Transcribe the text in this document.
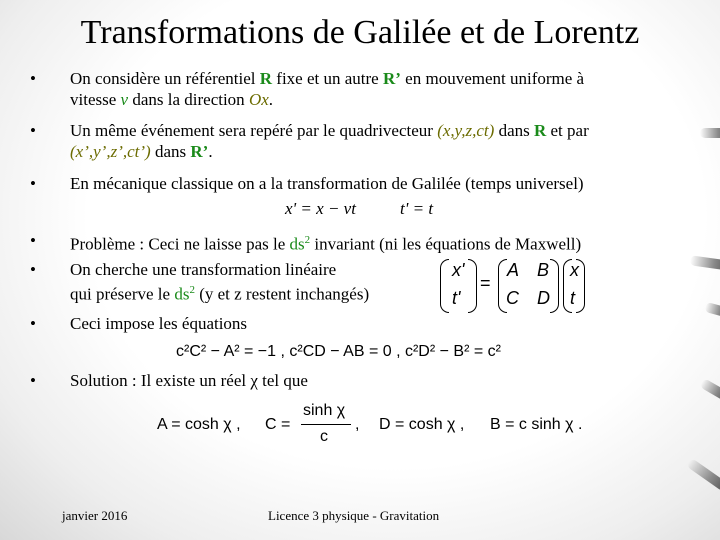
Transformations de Galilée et de Lorentz
• On considère un référentiel R fixe et un autre R’ en mouvement uniforme à
vitesse v dans la direction Ox.
• Un même événement sera repéré par le quadrivecteur (x,y,z,ct) dans R et par
(x’,y’,z’,ct’) dans R’.
• En mécanique classique on a la transformation de Galilée (temps universel)
x' = x − vt	t' = t
• Problème : Ceci ne laisse pas le $ds^2$ invariant (ni les équations de Maxwell)
• On cherche une transformation linéaire
qui préserve le $ds^2$ (y et z restent inchangés)
x'
t'
=
A B
C D
x
t
• Ceci impose les équations
c²C² − A² = −1 , c²CD − AB = 0 , c²D² − B² = c²
• Solution : Il existe un réel χ tel que
A = cosh χ , C =
sinh χ
c
, D = cosh χ , B = c sinh χ .
janvier 2016	Licence 3 physique - Gravitation
